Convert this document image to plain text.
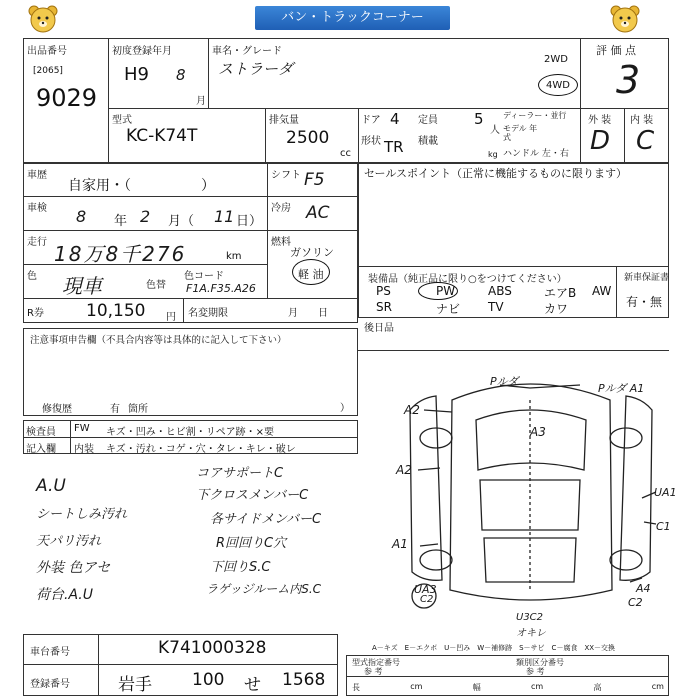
バン・トラックコーナー
出品番号
[2065]
9029
初度登録年月
H9 8
月
車名・グレード
ストラーダ
2WD
4WD
評 価 点
3
型式
KC-K74T
排気量
2500
cc
ドア 4 定員 5
人
ディーラー・並行
モデル 年式
形状 TR 積載
kg ハンドル 左・右
外 装 内 装
D C
車歴
自家用・（　　　　　）
シフト F5
車検 8 年 2 月（ 11 日）
冷房 AC
走行 18万8千276	km
燃料
ガソリン
軽 油
色 現車	色替
色コード
F1A.F35.A26
R券 10,150 円 名変期限	月　　日
セールスポイント（正常に機能するものに限ります）
装備品（純正品に限り○をつけてください）	新車保証書
有・無
PS	PW	ABS	エアB AW
SR	ナビ TV	カワ
後日品
注意事項申告欄（不具合内容等は具体的に記入して下さい）
修復歴	有 箇所	）
検査員 FW キズ・凹み・ヒビ割・リペア跡・×要
記入欄 内装 キズ・汚れ・コゲ・穴・タレ・キレ・破レ
A.U
シートしみ汚れ
天パリ汚れ
外装 色アセ
荷台.A.U
コアサポートC
下クロスメンバーC
各サイドメンバーC
R回回りC穴
下回りS.C
ラゲッジルーム内S.C
A2
A2
A1
A3
Pルダ A1
Pルダ
UA1
C1
UA3
C2
A4
C2
U3C2
オキレ
A－キズ　E－エクボ　U－凹み　W－補修跡　S－サビ　C－腐食　XX－交換
車台番号	K741000328
登録番号	岩手 100 せ 1568
型式指定番号
参 考
類別区分番号
参 考
長	cm	幅	cm	高	cm
